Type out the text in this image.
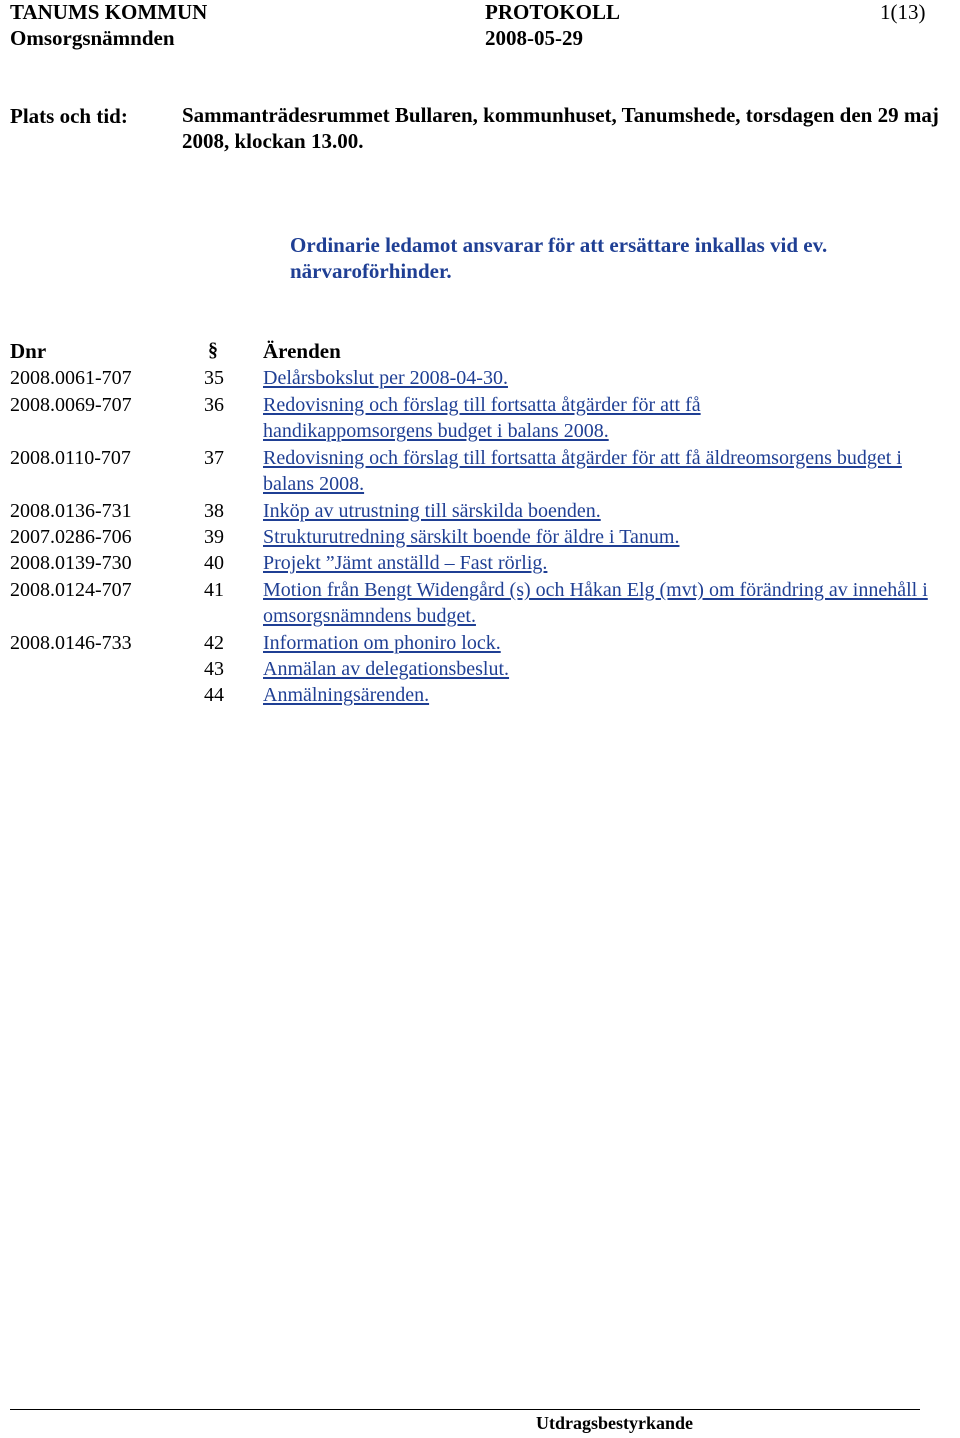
TANUMS KOMMUN	PROTOKOLL	1(13)
Omsorgsnämnden	2008-05-29
Plats och tid:	Sammanträdesrummet Bullaren, kommunhuset, Tanumshede, torsdagen den 29 maj 2008, klockan 13.00.
Ordinarie ledamot ansvarar för att ersättare inkallas vid ev. närvaroförhinder.
Dnr	§ Ärenden
2008.0061-707	35 Delårsbokslut per 2008-04-30.
2008.0069-707	36 Redovisning och förslag till fortsatta åtgärder för att få handikappomsorgens budget i balans 2008.
2008.0110-707	37 Redovisning och förslag till fortsatta åtgärder för att få äldreomsorgens budget i balans 2008.
2008.0136-731	38 Inköp av utrustning till särskilda boenden.
2007.0286-706	39 Strukturutredning särskilt boende för äldre i Tanum.
2008.0139-730	40 Projekt ”Jämt anställd – Fast rörlig.
2008.0124-707	41 Motion från Bengt Widengård (s) och Håkan Elg (mvt) om förändring av innehåll i omsorgsnämndens budget.
2008.0146-733	42 Information om phoniro lock.
43 Anmälan av delegationsbeslut.
44 Anmälningsärenden.
Utdragsbestyrkande
